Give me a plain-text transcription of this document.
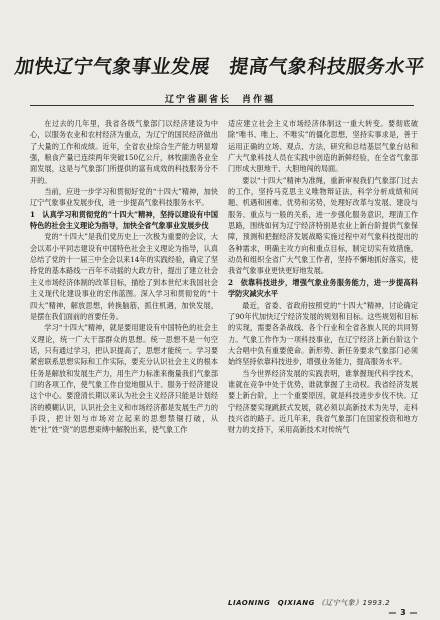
加快辽宁气象事业发展　提高气象科技服务水平
辽宁省副省长　肖作福

在过去的几年里，我省各级气象部门以经济建设为中心，以服务农业和农村经济为重点，为辽宁的国民经济做出了大量的工作和成绩。近年，全省农业综合生产能力明显增强，粮食产量已连续两年突破150亿公斤，林牧副渔各业全面发展，这是与气象部门所提供的富有成效的科技服务分不开的。

当前，应进一步学习和贯彻好党的“十四大”精神，加快辽宁气象事业发展步伐，进一步提高气象科技服务水平。

1　认真学习和贯彻党的“十四大”精神，坚持以建设有中国特色的社会主义理论为指导，加快全省气象事业发展步伐

党的“十四大”是我们党历史上一次极为重要的会议，大会以邓小平同志建设有中国特色社会主义理论为指导，认真总结了党的十一届三中全会以来14年的实践经验，确定了坚持党的基本路线一百年不动摇的大政方针，提出了建立社会主义市场经济体制的改革目标，描绘了到本世纪末我国社会主义现代化建设事业的宏伟蓝图。深入学习和贯彻党的“十四大”精神，解放思想，转换脑筋，抓住机遇，加快发展，是摆在我们面前的首要任务。

学习“十四大”精神，就是要用建设有中国特色的社会主义理论，统一广大干部群众的思想。统一思想不是一句空话，只有通过学习，把认识提高了，思想才能统一。学习要紧密联系思想实际和工作实际，要充分认识社会主义的根本任务是解放和发展生产力，用生产力标准来衡量我们气象部门的各项工作，使气象工作自觉地服从于、服务于经济建设这个中心。要澄清长期以来认为社会主义经济只能是计划经济的模糊认识，认识社会主义和市场经济都是发展生产力的手段，把计划与市场对立起来的思想禁锢打破，从姓“社”姓“资”的思想束缚中解脱出来，使气象工作

适应建立社会主义市场经济体制这一重大转变。要彻底破除“唯书、唯上、不唯实”的僵化思想，坚持实事求是，善于运用正确的立场、观点、方法，研究和总结基层气象台站和广大气象科技人员在实践中创造的新鲜经验，在全省气象部门形成大胆地干、大胆地闯的局面。

要以“十四大”精神为准绳，重新审视我们气象部门过去的工作，坚持马克思主义唯物辩证法，科学分析成绩和问题、机遇和困难、优势和劣势，处理好改革与发展、建设与服务、重点与一般的关系，进一步强化服务意识，理清工作思路，围绕如何为辽宁经济特别是农业上新台阶提供气象保障，预测和把握经济发展战略实施过程中对气象科技提出的各种需求，明确主攻方向和重点目标，制定切实有效措施，动员和组织全省广大气象工作者，坚持不懈地抓好落实，使我省气象事业更快更好地发展。

2　依靠科技进步，增强气象业务服务能力，进一步提高科学防灾减灾水平

最近，省委、省政府按照党的“十四大”精神，讨论确定了90年代加快辽宁经济发展的规划和目标。这些规划和目标的实现，需要各条战线、各个行业和全省各族人民的共同努力。气象工作作为一项科技事业，在辽宁经济上新台阶这个大合唱中负有重要使命。新形势、新任务要求气象部门必须始终坚持依靠科技进步，增强业务能力，提高服务水平。

当今世界经济发展的实践表明，谁掌握现代科学技术，谁就在竞争中处于优势，谁就掌握了主动权。我省经济发展要上新台阶，上一个重要原因，就是科技进步步伐不快。辽宁经济要实现跳跃式发展，就必须以高新技术为先导，走科技兴省的路子。近几年来，我省气象部门在国家投资和地方财力的支持下，采用高新技术对传统气

LIAONING　QIXIANG 《辽宁气象》1993.2
— 3 —
